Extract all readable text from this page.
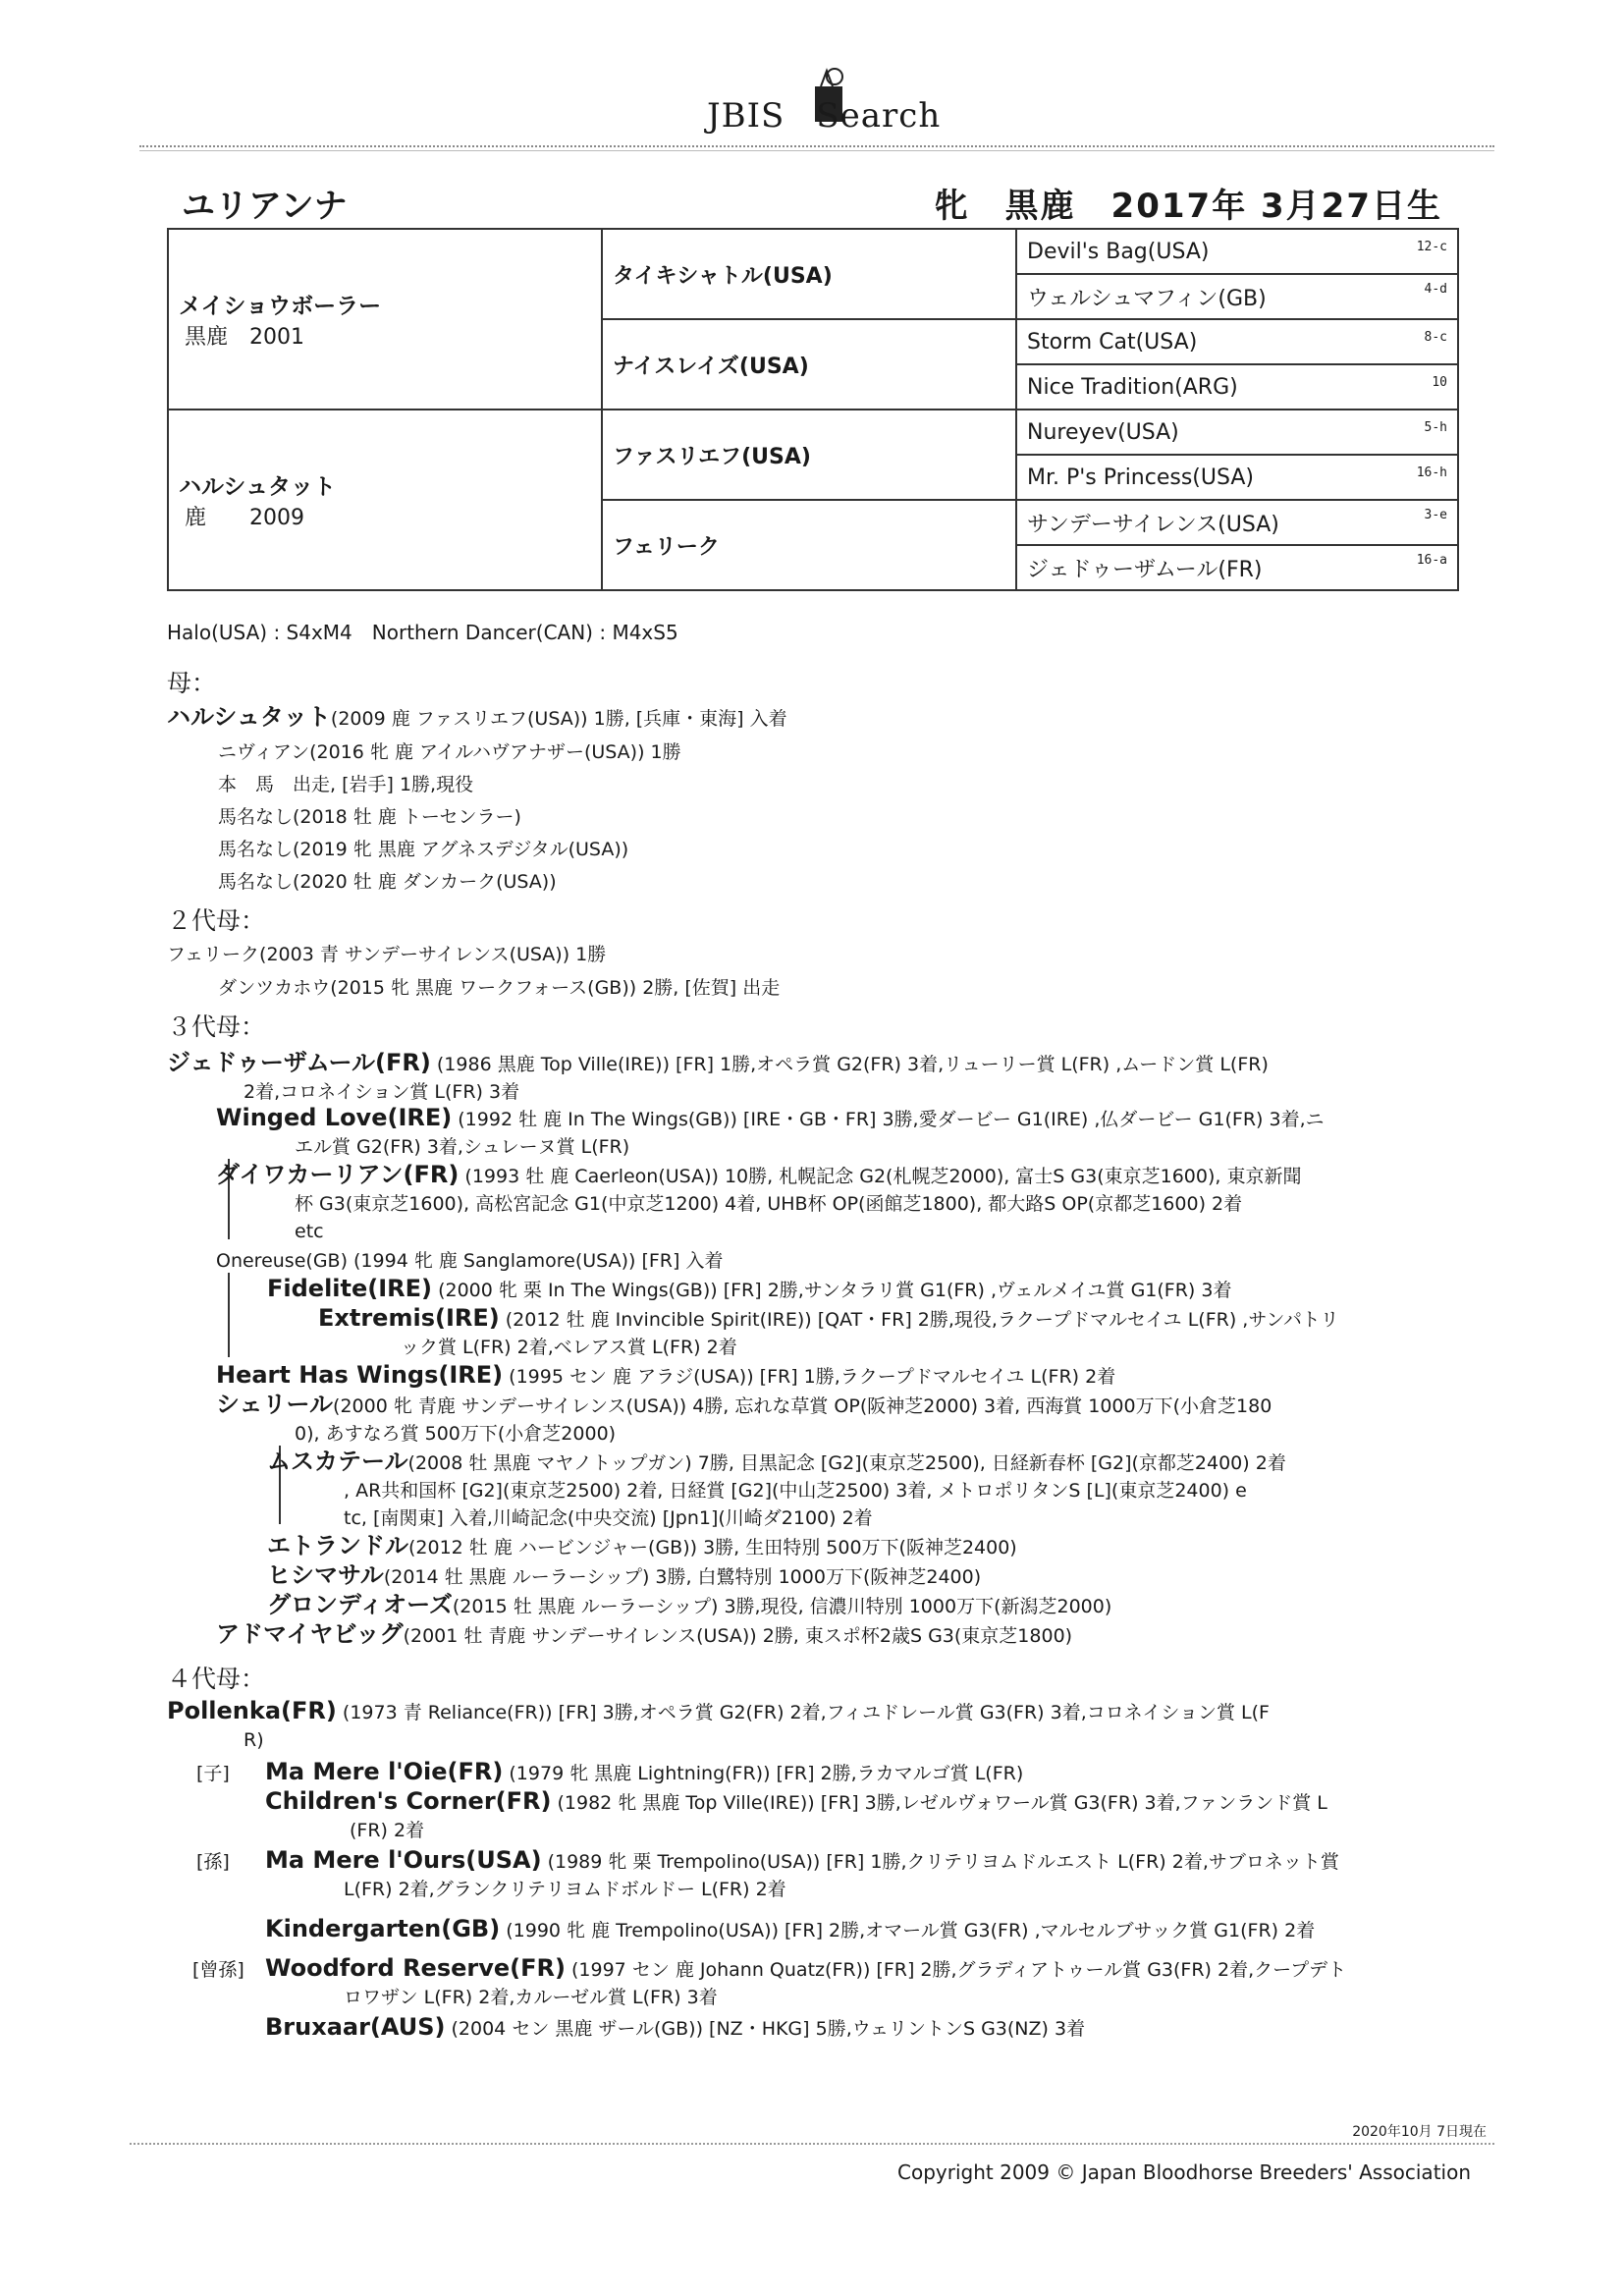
JBIS Search
ユリアンナ	牝　黒鹿　2017年 3月27日生
メイショウボーラー
黒鹿　2001	タイキシャトル(USA)	Devil's Bag(USA) 12-c

		ウェルシュマフィン(GB) 4-d

	ナイスレイズ(USA)	Storm Cat(USA) 8-c

		Nice Tradition(ARG) 10

ハルシュタット
鹿　　2009	ファスリエフ(USA)	Nureyev(USA) 5-h

		Mr. P's Princess(USA) 16-h

	フェリーク	サンデーサイレンス(USA) 3-e

		ジェドゥーザムール(FR) 16-a
Halo(USA) : S4xM4　Northern Dancer(CAN) : M4xS5
母：
２代母：
３代母：
４代母：
ハルシュタット(2009 鹿 ファスリエフ(USA)) 1勝, [兵庫・東海] 入着
ニヴィアン(2016 牝 鹿 アイルハヴアナザー(USA)) 1勝
本　馬　出走, [岩手] 1勝,現役
馬名なし(2018 牡 鹿 トーセンラー)
馬名なし(2019 牝 黒鹿 アグネスデジタル(USA))
馬名なし(2020 牡 鹿 ダンカーク(USA))
フェリーク(2003 青 サンデーサイレンス(USA)) 1勝
ダンツカホウ(2015 牝 黒鹿 ワークフォース(GB)) 2勝, [佐賀] 出走
ジェドゥーザムール(FR) (1986 黒鹿 Top Ville(IRE)) [FR] 1勝,オペラ賞 G2(FR) 3着,リューリー賞 L(FR) ,ムードン賞 L(FR)
2着,コロネイション賞 L(FR) 3着
Winged Love(IRE) (1992 牡 鹿 In The Wings(GB)) [IRE・GB・FR] 3勝,愛ダービー G1(IRE) ,仏ダービー G1(FR) 3着,ニ
エル賞 G2(FR) 3着,シュレーヌ賞 L(FR)
ダイワカーリアン(FR) (1993 牡 鹿 Caerleon(USA)) 10勝, 札幌記念 G2(札幌芝2000), 富士S G3(東京芝1600), 東京新聞
杯 G3(東京芝1600), 高松宮記念 G1(中京芝1200) 4着, UHB杯 OP(函館芝1800), 都大路S OP(京都芝1600) 2着
etc
Onereuse(GB) (1994 牝 鹿 Sanglamore(USA)) [FR] 入着
Fidelite(IRE) (2000 牝 栗 In The Wings(GB)) [FR] 2勝,サンタラリ賞 G1(FR) ,ヴェルメイユ賞 G1(FR) 3着
Extremis(IRE) (2012 牡 鹿 Invincible Spirit(IRE)) [QAT・FR] 2勝,現役,ラクープドマルセイユ L(FR) ,サンパトリ
ック賞 L(FR) 2着,ベレアス賞 L(FR) 2着
Heart Has Wings(IRE) (1995 セン 鹿 アラジ(USA)) [FR] 1勝,ラクープドマルセイユ L(FR) 2着
シェリール(2000 牝 青鹿 サンデーサイレンス(USA)) 4勝, 忘れな草賞 OP(阪神芝2000) 3着, 西海賞 1000万下(小倉芝180
0), あすなろ賞 500万下(小倉芝2000)
ムスカテール(2008 牡 黒鹿 マヤノトップガン) 7勝, 目黒記念 [G2](東京芝2500), 日経新春杯 [G2](京都芝2400) 2着
, AR共和国杯 [G2](東京芝2500) 2着, 日経賞 [G2](中山芝2500) 3着, メトロポリタンS [L](東京芝2400) e
tc, [南関東] 入着,川崎記念(中央交流) [Jpn1](川崎ダ2100) 2着
エトランドル(2012 牡 鹿 ハービンジャー(GB)) 3勝, 生田特別 500万下(阪神芝2400)
ヒシマサル(2014 牡 黒鹿 ルーラーシップ) 3勝, 白鷺特別 1000万下(阪神芝2400)
グロンディオーズ(2015 牡 黒鹿 ルーラーシップ) 3勝,現役, 信濃川特別 1000万下(新潟芝2000)
アドマイヤビッグ(2001 牡 青鹿 サンデーサイレンス(USA)) 2勝, 東スポ杯2歳S G3(東京芝1800)
Pollenka(FR) (1973 青 Reliance(FR)) [FR] 3勝,オペラ賞 G2(FR) 2着,フィユドレール賞 G3(FR) 3着,コロネイション賞 L(F
R)
[子] Ma Mere l'Oie(FR) (1979 牝 黒鹿 Lightning(FR)) [FR] 2勝,ラカマルゴ賞 L(FR)
Children's Corner(FR) (1982 牝 黒鹿 Top Ville(IRE)) [FR] 3勝,レゼルヴォワール賞 G3(FR) 3着,ファンランド賞 L
(FR) 2着
[孫] Ma Mere l'Ours(USA) (1989 牝 栗 Trempolino(USA)) [FR] 1勝,クリテリヨムドルエスト L(FR) 2着,サブロネット賞
L(FR) 2着,グランクリテリヨムドボルドー L(FR) 2着
Kindergarten(GB) (1990 牝 鹿 Trempolino(USA)) [FR] 2勝,オマール賞 G3(FR) ,マルセルブサック賞 G1(FR) 2着
[曾孫] Woodford Reserve(FR) (1997 セン 鹿 Johann Quatz(FR)) [FR] 2勝,グラディアトゥール賞 G3(FR) 2着,クープデト
ロワザン L(FR) 2着,カルーゼル賞 L(FR) 3着
Bruxaar(AUS) (2004 セン 黒鹿 ザール(GB)) [NZ・HKG] 5勝,ウェリントンS G3(NZ) 3着
2020年10月 7日現在
Copyright 2009 © Japan Bloodhorse Breeders' Association
